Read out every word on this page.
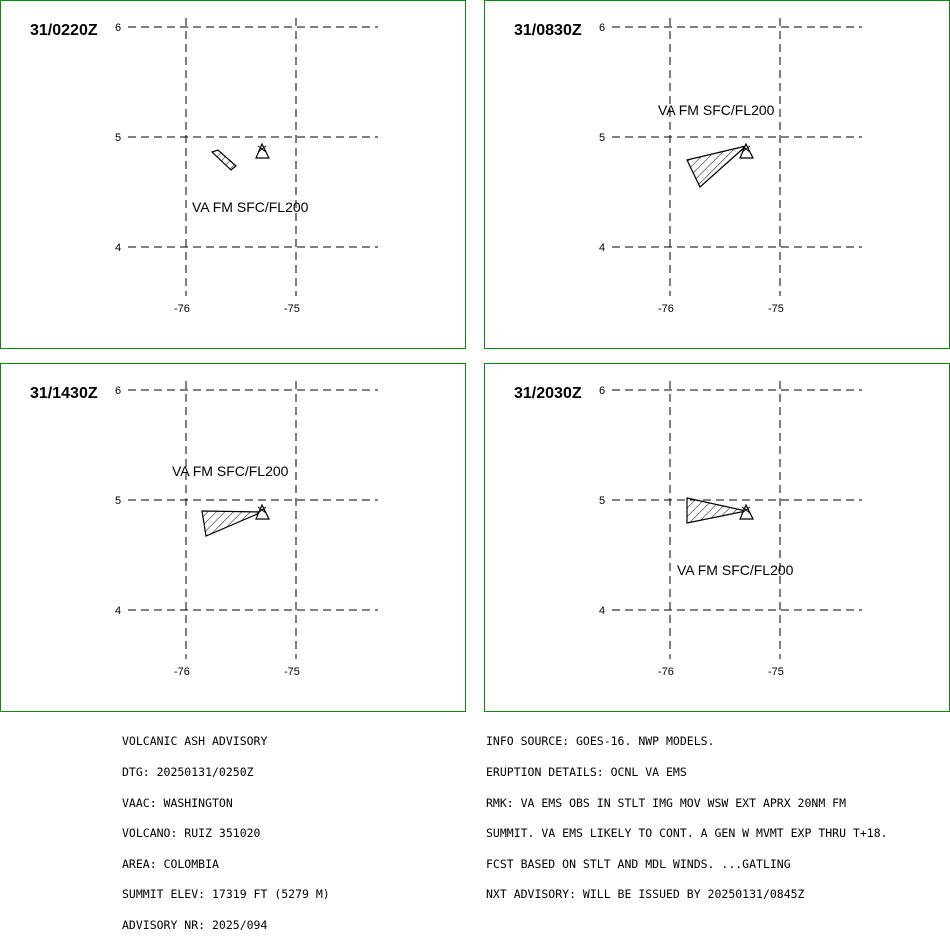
6
5
4
-76	-75
31/0220Z
VA FM SFC/FL200
6
5
4
-76	-75
31/0830Z
VA FM SFC/FL200
6
5
4
-76	-75
31/1430Z
VA FM SFC/FL200
6
5
4
-76	-75
31/2030Z
VA FM SFC/FL200

VOLCANIC ASH ADVISORY

DTG: 20250131/0250Z

VAAC: WASHINGTON

VOLCANO: RUIZ 351020

AREA: COLOMBIA

SUMMIT ELEV: 17319 FT (5279 M)

ADVISORY NR: 2025/094

INFO SOURCE: GOES-16. NWP MODELS.

ERUPTION DETAILS: OCNL VA EMS

RMK: VA EMS OBS IN STLT IMG MOV WSW EXT APRX 20NM FM

SUMMIT. VA EMS LIKELY TO CONT. A GEN W MVMT EXP THRU T+18.

FCST BASED ON STLT AND MDL WINDS. ...GATLING

NXT ADVISORY: WILL BE ISSUED BY 20250131/0845Z
